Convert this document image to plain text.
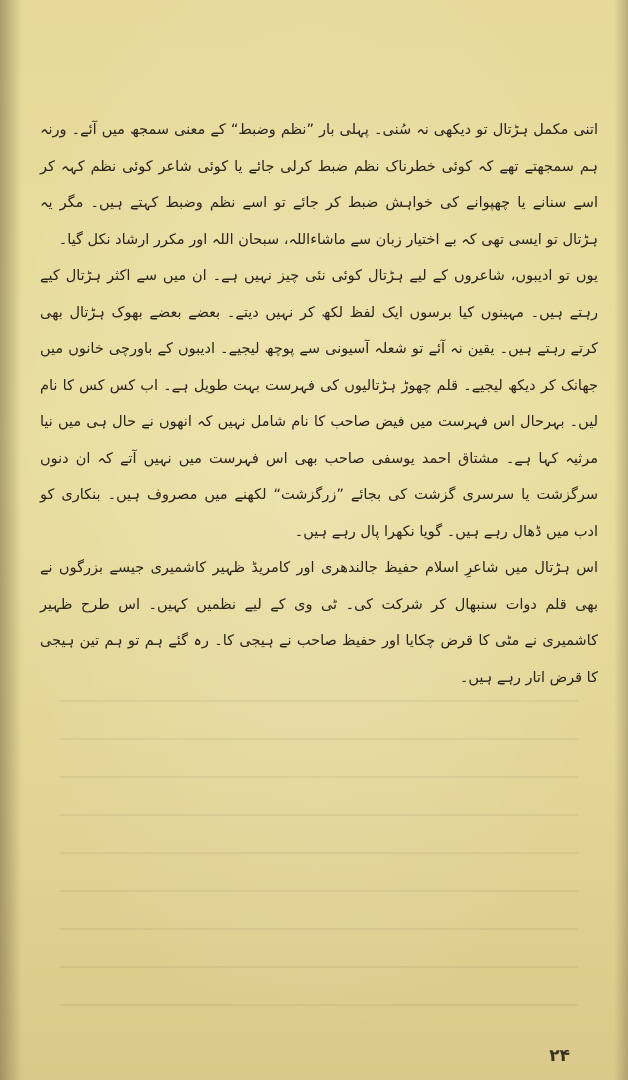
اتنی مکمل ہڑتال تو دیکھی نہ سُنی۔ پہلی بار ”نظم وضبط“ کے معنی سمجھ میں آئے۔ ورنہ ہم سمجھتے تھے کہ کوئی خطرناک نظم ضبط کرلی جائے یا کوئی شاعر کوئی نظم کہہ کر اسے سنانے یا چھپوانے کی خواہش ضبط کر جائے تو اسے نظم وضبط کہتے ہیں۔ مگر یہ ہڑتال تو ایسی تھی کہ بے اختیار زبان سے ماشاءاللہ، سبحان اللہ اور مکرر ارشاد نکل گیا۔

یوں تو ادیبوں، شاعروں کے لیے ہڑتال کوئی نئی چیز نہیں ہے۔ ان میں سے اکثر ہڑتال کیے رہتے ہیں۔ مہینوں کیا برسوں ایک لفظ لکھ کر نہیں دیتے۔ بعضے بعضے بھوک ہڑتال بھی کرتے رہتے ہیں۔ یقین نہ آئے تو شعلہ آسیونی سے پوچھ لیجیے۔ ادیبوں کے باورچی خانوں میں جھانک کر دیکھ لیجیے۔ قلم چھوڑ ہڑتالیوں کی فہرست بہت طویل ہے۔ اب کس کس کا نام لیں۔ بہرحال اس فہرست میں فیض صاحب کا نام شامل نہیں کہ انھوں نے حال ہی میں نیا مرثیہ کہا ہے۔ مشتاق احمد یوسفی صاحب بھی اس فہرست میں نہیں آتے کہ ان دنوں سرگزشت یا سرسری گزشت کی بجائے ”زرگزشت“ لکھنے میں مصروف ہیں۔ بنکاری کو ادب میں ڈھال رہے ہیں۔ گویا نکھرا پال رہے ہیں۔

اس ہڑتال میں شاعرِ اسلام حفیظ جالندھری اور کامریڈ ظہیر کاشمیری جیسے بزرگوں نے بھی قلم دوات سنبھال کر شرکت کی۔ ٹی وی کے لیے نظمیں کہیں۔ اس طرح ظہیر کاشمیری نے مٹی کا قرض چکایا اور حفیظ صاحب نے ہیجی کا۔ رہ گئے ہم تو ہم تین ہیجی کا قرض اتار رہے ہیں۔

۲۴
